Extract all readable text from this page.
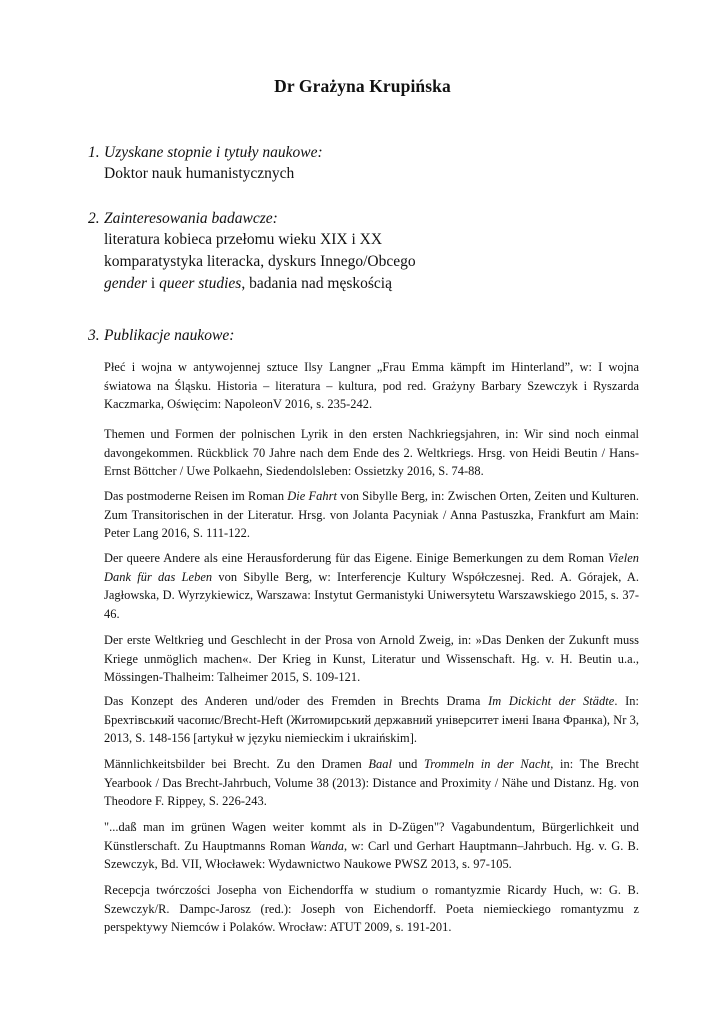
Dr Grażyna Krupińska
1. Uzyskane stopnie i tytuły naukowe:
Doktor nauk humanistycznych
2. Zainteresowania badawcze:
literatura kobieca przełomu wieku XIX i XX
komparatystyka literacka, dyskurs Innego/Obcego
gender i queer studies, badania nad męskością
3. Publikacje naukowe:
Płeć i wojna w antywojennej sztuce Ilsy Langner „Frau Emma kämpft im Hinterland”, w: I wojna światowa na Śląsku. Historia – literatura – kultura, pod red. Grażyny Barbary Szewczyk i Ryszarda Kaczmarka, Oświęcim: NapoleonV 2016, s. 235-242.
Themen und Formen der polnischen Lyrik in den ersten Nachkriegsjahren, in: Wir sind noch einmal davongekommen. Rückblick 70 Jahre nach dem Ende des 2. Weltkriegs. Hrsg. von Heidi Beutin / Hans-Ernst Böttcher / Uwe Polkaehn, Siedendolsleben: Ossietzky 2016, S. 74-88.
Das postmoderne Reisen im Roman Die Fahrt von Sibylle Berg, in: Zwischen Orten, Zeiten und Kulturen. Zum Transitorischen in der Literatur. Hrsg. von Jolanta Pacyniak / Anna Pastuszka, Frankfurt am Main: Peter Lang 2016, S. 111-122.
Der queere Andere als eine Herausforderung für das Eigene. Einige Bemerkungen zu dem Roman Vielen Dank für das Leben von Sibylle Berg, w: Interferencje Kultury Współczesnej. Red. A. Górajek, A. Jagłowska, D. Wyrzykiewicz, Warszawa: Instytut Germanistyki Uniwersytetu Warszawskiego 2015, s. 37-46.
Der erste Weltkrieg und Geschlecht in der Prosa von Arnold Zweig, in: »Das Denken der Zukunft muss Kriege unmöglich machen«. Der Krieg in Kunst, Literatur und Wissenschaft. Hg. v. H. Beutin u.a., Mössingen-Thalheim: Talheimer 2015, S. 109-121.
Das Konzept des Anderen und/oder des Fremden in Brechts Drama Im Dickicht der Städte. In: Брехтівський часопис/Brecht-Heft (Житомирський державний університет імені Івана Франка), Nr 3, 2013, S. 148-156 [artykuł w języku niemieckim i ukraińskim].
Männlichkeitsbilder bei Brecht. Zu den Dramen Baal und Trommeln in der Nacht, in: The Brecht Yearbook / Das Brecht-Jahrbuch, Volume 38 (2013): Distance and Proximity / Nähe und Distanz. Hg. von Theodore F. Rippey, S. 226-243.
"...daß man im grünen Wagen weiter kommt als in D-Zügen"? Vagabundentum, Bürgerlichkeit und Künstlerschaft. Zu Hauptmanns Roman Wanda, w: Carl und Gerhart Hauptmann–Jahrbuch. Hg. v. G. B. Szewczyk, Bd. VII, Włocławek: Wydawnictwo Naukowe PWSZ 2013, s. 97-105.
Recepcja twórczości Josepha von Eichendorffa w studium o romantyzmie Ricardy Huch, w: G. B. Szewczyk/R. Dampc-Jarosz (red.): Joseph von Eichendorff. Poeta niemieckiego romantyzmu z perspektywy Niemców i Polaków. Wrocław: ATUT 2009, s. 191-201.
